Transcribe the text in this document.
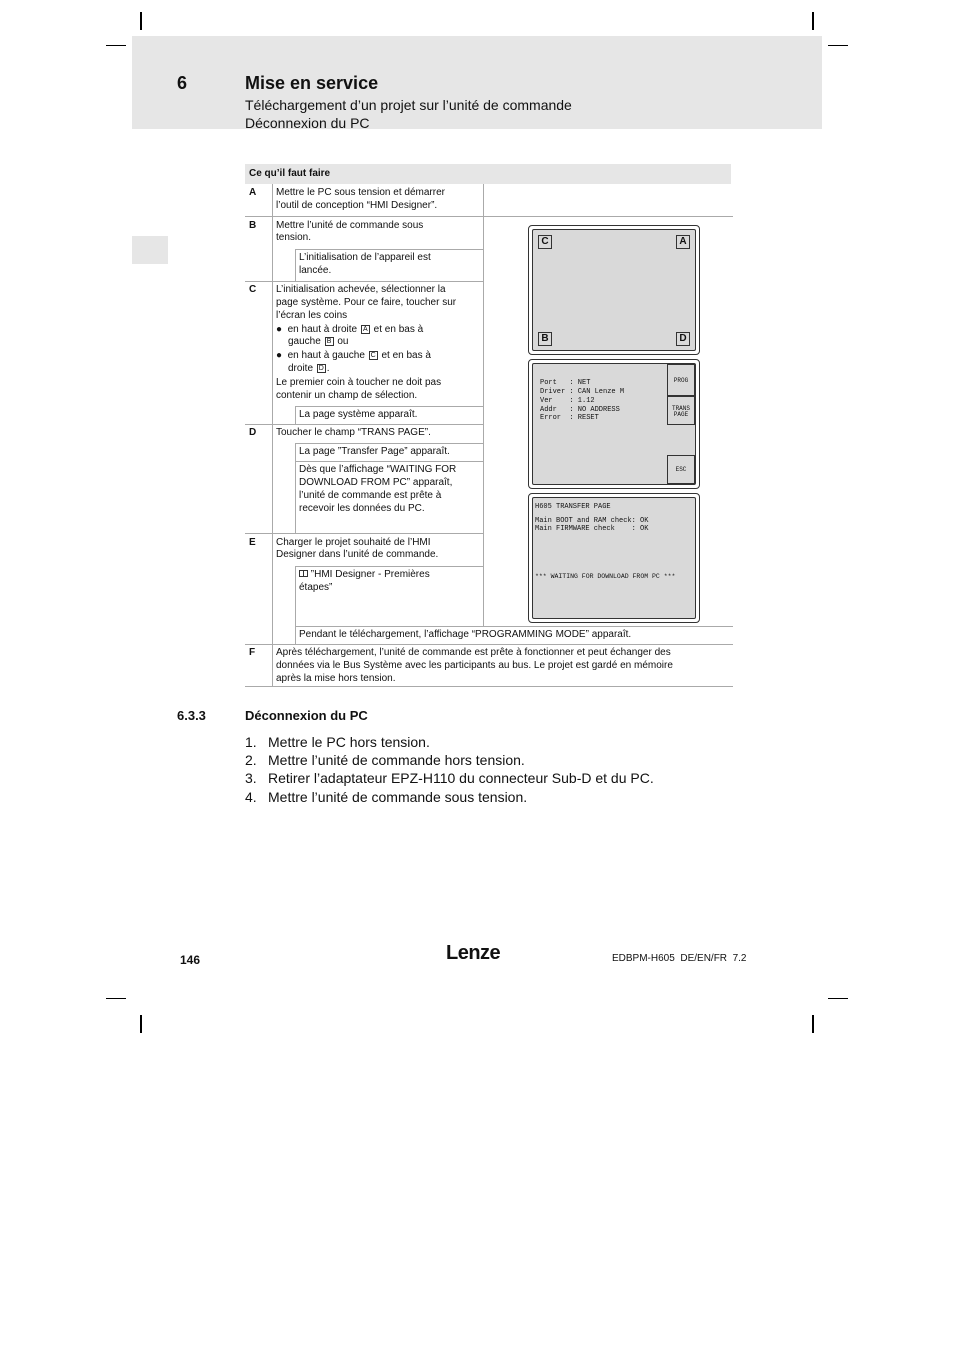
6	Mise en service
Téléchargement d’un projet sur l’unité de commande
Déconnexion du PC
Ce qu’il faut faire
A Mettre le PC sous tension et démarrer
l’outil de conception “HMI Designer”.
B Mettre l’unité de commande sous
tension.
L’initialisation de l’appareil est
lancée.
C L’initialisation achevée, sélectionner la
page système. Pour ce faire, toucher sur
l’écran les coins
● en haut à droite A et en bas à
gauche B ou
● en haut à gauche C et en bas à
droite D .
Le premier coin à toucher ne doit pas
contenir un champ de sélection.
La page système apparaît.
D Toucher le champ “TRANS PAGE”.
La page ”Transfer Page” apparaît.
Dès que l’affichage “WAITING FOR
DOWNLOAD FROM PC” apparaît,
l’unité de commande est prête à
recevoir les données du PC.
E Charger le projet souhaité de l’HMI
Designer dans l’unité de commande.
”HMI Designer - Premières
étapes”
Pendant le téléchargement, l’affichage “PROGRAMMING MODE” apparaît.
F Après téléchargement, l’unité de commande est prête à fonctionner et peut échanger des
données via le Bus Système avec les participants au bus. Le projet est gardé en mémoire
après la mise hors tension.
C	A
B	D
Port   : NET
Driver : CAN Lenze M
Ver    : 1.12
Addr   : NO ADDRESS
Error  : RESET
PROG
TRANS
PAGE
ESC
H605 TRANSFER PAGE
Main BOOT and RAM check: OK
Main FIRMWARE check    : OK
*** WAITING FOR DOWNLOAD FROM PC ***
6.3.3	Déconnexion du PC
1. Mettre le PC hors tension.
2. Mettre l’unité de commande hors tension.
3. Retirer l’adaptateur EPZ-H110 du connecteur Sub-D et du PC.
4. Mettre l’unité de commande sous tension.
146	Lenze	EDBPM-H605  DE/EN/FR  7.2
